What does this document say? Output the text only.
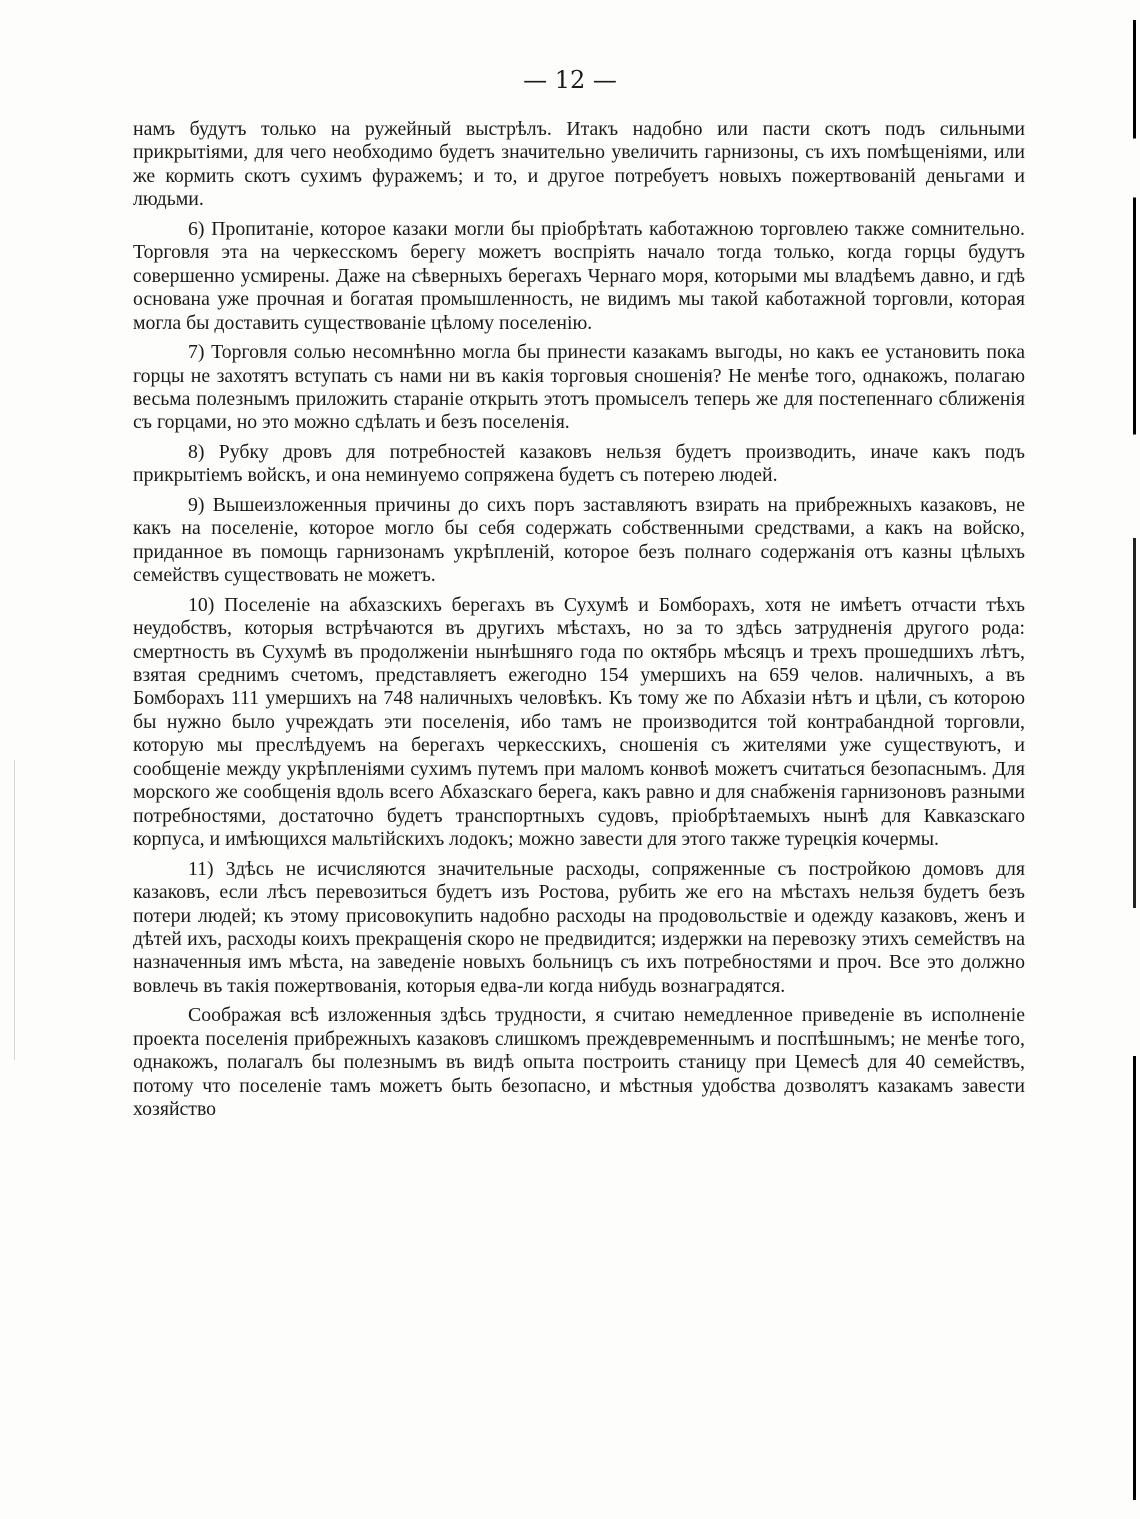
— 12 —

намъ будутъ только на ружейный выстрѣлъ. Итакъ надобно или пасти скотъ подъ сильными прикрытіями, для чего необходимо будетъ значительно увеличить гарнизоны, съ ихъ помѣщеніями, или же кормить скотъ сухимъ фуражемъ; и то, и другое потребуетъ новыхъ пожертвованій деньгами и людьми.

6) Пропитаніе, которое казаки могли бы пріобрѣтать каботажною торговлею также сомнительно. Торговля эта на черкесскомъ берегу можетъ воспріять начало тогда только, когда горцы будутъ совершенно усмирены. Даже на сѣверныхъ берегахъ Чернаго моря, которыми мы владѣемъ давно, и гдѣ основана уже прочная и богатая промышленность, не видимъ мы такой каботажной торговли, которая могла бы доставить существованіе цѣлому поселенію.

7) Торговля солью несомнѣнно могла бы принести казакамъ выгоды, но какъ ее установить пока горцы не захотятъ вступать съ нами ни въ какія торговыя сношенія? Не менѣе того, однакожъ, полагаю весьма полезнымъ приложить стараніе открыть этотъ промыселъ теперь же для постепеннаго сближенія съ горцами, но это можно сдѣлать и безъ поселенія.

8) Рубку дровъ для потребностей казаковъ нельзя будетъ производить, иначе какъ подъ прикрытіемъ войскъ, и она неминуемо сопряжена будетъ съ потерею людей.

9) Вышеизложенныя причины до сихъ поръ заставляютъ взирать на прибрежныхъ казаковъ, не какъ на поселеніе, которое могло бы себя содержать собственными средствами, а какъ на войско, приданное въ помощь гарнизонамъ укрѣпленій, которое безъ полнаго содержанія отъ казны цѣлыхъ семействъ существовать не можетъ.

10) Поселеніе на абхазскихъ берегахъ въ Сухумѣ и Бомборахъ, хотя не имѣетъ отчасти тѣхъ неудобствъ, которыя встрѣчаются въ другихъ мѣстахъ, но за то здѣсь затрудненія другого рода: смертность въ Сухумѣ въ продолженіи нынѣшняго года по октябрь мѣсяцъ и трехъ прошедшихъ лѣтъ, взятая среднимъ счетомъ, представляетъ ежегодно 154 умершихъ на 659 челов. наличныхъ, а въ Бомборахъ 111 умершихъ на 748 наличныхъ человѣкъ. Къ тому же по Абхазіи нѣтъ и цѣли, съ которою бы нужно было учреждать эти поселенія, ибо тамъ не производится той контрабандной торговли, которую мы преслѣдуемъ на берегахъ черкесскихъ, сношенія съ жителями уже существуютъ, и сообщеніе между укрѣпленіями сухимъ путемъ при маломъ конвоѣ можетъ считаться безопаснымъ. Для морского же сообщенія вдоль всего Абхазскаго берега, какъ равно и для снабженія гарнизоновъ разными потребностями, достаточно будетъ транспортныхъ судовъ, пріобрѣтаемыхъ нынѣ для Кавказскаго корпуса, и имѣющихся мальтійскихъ лодокъ; можно завести для этого также турецкія кочермы.

11) Здѣсь не исчисляются значительные расходы, сопряженные съ постройкою домовъ для казаковъ, если лѣсъ перевозиться будетъ изъ Ростова, рубить же его на мѣстахъ нельзя будетъ безъ потери людей; къ этому присовокупить надобно расходы на продовольствіе и одежду казаковъ, женъ и дѣтей ихъ, расходы коихъ прекращенія скоро не предвидится; издержки на перевозку этихъ семействъ на назначенныя имъ мѣста, на заведеніе новыхъ больницъ съ ихъ потребностями и проч. Все это должно вовлечь въ такія пожертвованія, которыя едва-ли когда нибудь вознаградятся.

Соображая всѣ изложенныя здѣсь трудности, я считаю немедленное приведеніе въ исполненіе проекта поселенія прибрежныхъ казаковъ слишкомъ преждевременнымъ и поспѣшнымъ; не менѣе того, однакожъ, полагалъ бы полезнымъ въ видѣ опыта построить станицу при Цемесѣ для 40 семействъ, потому что поселеніе тамъ можетъ быть безопасно, и мѣстныя удобства дозволятъ казакамъ завести хозяйство
